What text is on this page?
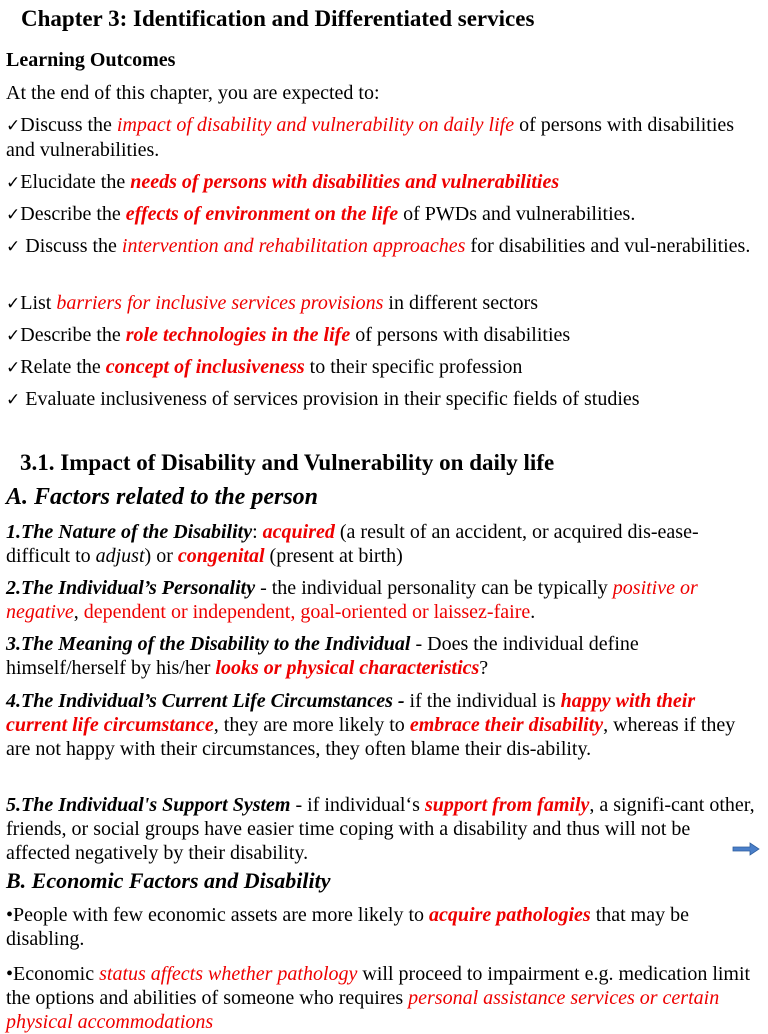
Chapter 3: Identification and Differentiated services
Learning Outcomes
At the end of this chapter, you are expected to:
✓Discuss the impact of disability and vulnerability on daily life of persons with disabilities and vulnerabilities.
✓Elucidate the needs of persons with disabilities and vulnerabilities
✓Describe the effects of environment on the life of PWDs and vulnerabilities.
✓ Discuss the intervention and rehabilitation approaches for disabilities and vul-nerabilities.
✓List barriers for inclusive services provisions in different sectors
✓Describe the role technologies in the life of persons with disabilities
✓Relate the concept of inclusiveness to their specific profession
✓ Evaluate inclusiveness of services provision in their specific fields of studies
3.1. Impact of Disability and Vulnerability on daily life
A. Factors related to the person
1.The Nature of the Disability: acquired (a result of an accident, or acquired dis-ease-difficult to adjust) or congenital (present at birth)
2.The Individual’s Personality - the individual personality can be typically positive or negative, dependent or independent, goal-oriented or laissez-faire.
3.The Meaning of the Disability to the Individual - Does the individual define himself/herself by his/her looks or physical characteristics?
4.The Individual’s Current Life Circumstances - if the individual is happy with their current life circumstance, they are more likely to embrace their disability, whereas if they are not happy with their circumstances, they often blame their dis-ability.
5.The Individual's Support System - if individual‘s support from family, a signifi-cant other, friends, or social groups have easier time coping with a disability and thus will not be affected negatively by their disability.
B. Economic Factors and Disability
•People with few economic assets are more likely to acquire pathologies that may be disabling.
•Economic status affects whether pathology will proceed to impairment e.g. medication limit the options and abilities of someone who requires personal assistance services or certain physical accommodations
